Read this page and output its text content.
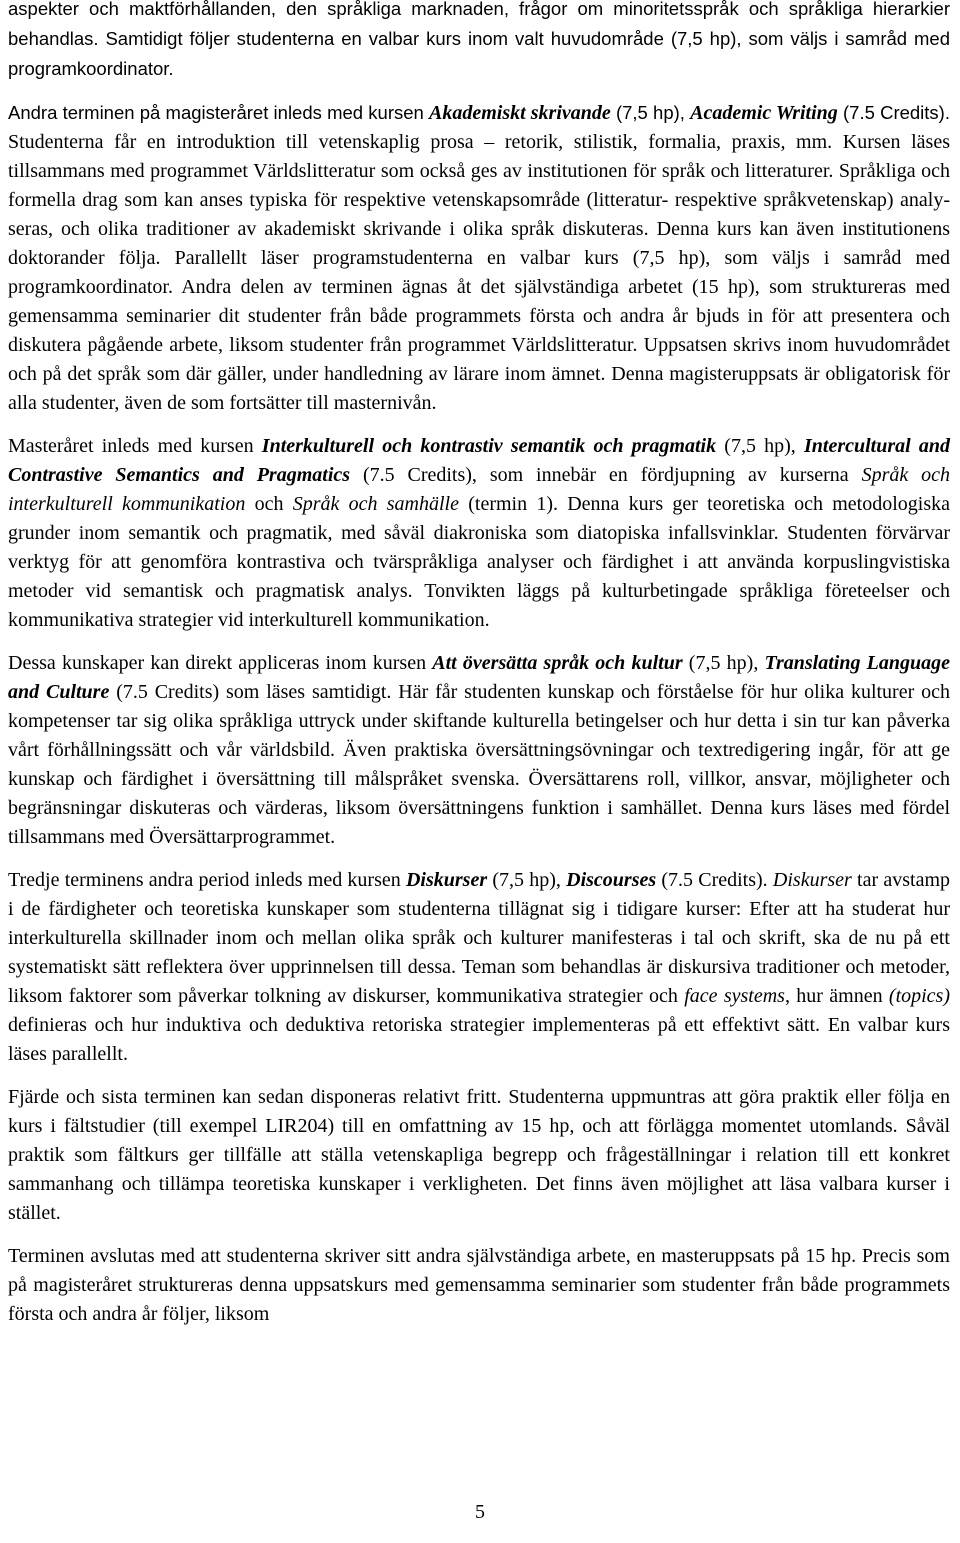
aspekter och maktförhållanden, den språkliga marknaden, frågor om minoritetsspråk och språkliga hierarkier behandlas. Samtidigt följer studenterna en valbar kurs inom valt huvudområde (7,5 hp), som väljs i samråd med programkoordinator.

Andra terminen på magisteråret inleds med kursen Akademiskt skrivande (7,5 hp), Academic Writing (7.5 Credits). Studenterna får en introduktion till vetenskaplig prosa – retorik, stilistik, formalia, praxis, mm. Kursen läses tillsammans med programmet Världslitteratur som också ges av institutionen för språk och litteraturer. Språkliga och formella drag som kan anses typiska för respektive vetenskapsområde (litteratur- respektive språkvetenskap) analyseras, och olika traditioner av akademiskt skrivande i olika språk diskuteras. Denna kurs kan även institutionens doktorander följa. Parallellt läser programstudenterna en valbar kurs (7,5 hp), som väljs i samråd med programkoordinator. Andra delen av terminen ägnas åt det självständiga arbetet (15 hp), som struktureras med gemensamma seminarier dit studenter från både programmets första och andra år bjuds in för att presentera och diskutera pågående arbete, liksom studenter från programmet Världslitteratur. Uppsatsen skrivs inom huvudområdet och på det språk som där gäller, under handledning av lärare inom ämnet. Denna magisteruppsats är obligatorisk för alla studenter, även de som fortsätter till masternivån.

Masteråret inleds med kursen Interkulturell och kontrastiv semantik och pragmatik (7,5 hp), Intercultural and Contrastive Semantics and Pragmatics (7.5 Credits), som innebär en fördjupning av kurserna Språk och interkulturell kommunikation och Språk och samhälle (termin 1). Denna kurs ger teoretiska och metodologiska grunder inom semantik och pragmatik, med såväl diakroniska som diatopiska infallsvinklar. Studenten förvärvar verktyg för att genomföra kontrastiva och tvärspråkliga analyser och färdighet i att använda korpuslingvistiska metoder vid semantisk och pragmatisk analys. Tonvikten läggs på kulturbetingade språkliga företeelser och kommunikativa strategier vid interkulturell kommunikation.

Dessa kunskaper kan direkt appliceras inom kursen Att översätta språk och kultur (7,5 hp), Translating Language and Culture (7.5 Credits) som läses samtidigt. Här får studenten kunskap och förståelse för hur olika kulturer och kompetenser tar sig olika språkliga uttryck under skiftande kulturella betingelser och hur detta i sin tur kan påverka vårt förhållningssätt och vår världsbild. Även praktiska översättningsövningar och textredigering ingår, för att ge kunskap och färdighet i översättning till målspråket svenska. Översättarens roll, villkor, ansvar, möjligheter och begränsningar diskuteras och värderas, liksom översättningens funktion i samhället. Denna kurs läses med fördel tillsammans med Översättarprogrammet.

Tredje terminens andra period inleds med kursen Diskurser (7,5 hp), Discourses (7.5 Credits). Diskurser tar avstamp i de färdigheter och teoretiska kunskaper som studenterna tillägnat sig i tidigare kurser: Efter att ha studerat hur interkulturella skillnader inom och mellan olika språk och kulturer manifesteras i tal och skrift, ska de nu på ett systematiskt sätt reflektera över upprinnelsen till dessa. Teman som behandlas är diskursiva traditioner och metoder, liksom faktorer som påverkar tolkning av diskurser, kommunikativa strategier och face systems, hur ämnen (topics) definieras och hur induktiva och deduktiva retoriska strategier implementeras på ett effektivt sätt. En valbar kurs läses parallellt.

Fjärde och sista terminen kan sedan disponeras relativt fritt. Studenterna uppmuntras att göra praktik eller följa en kurs i fältstudier (till exempel LIR204) till en omfattning av 15 hp, och att förlägga momentet utomlands. Såväl praktik som fältkurs ger tillfälle att ställa vetenskapliga begrepp och frågeställningar i relation till ett konkret sammanhang och tillämpa teoretiska kunskaper i verkligheten. Det finns även möjlighet att läsa valbara kurser i stället.

Terminen avslutas med att studenterna skriver sitt andra självständiga arbete, en masteruppsats på 15 hp. Precis som på magisteråret struktureras denna uppsatskurs med gemensamma seminarier som studenter från både programmets första och andra år följer, liksom

5
